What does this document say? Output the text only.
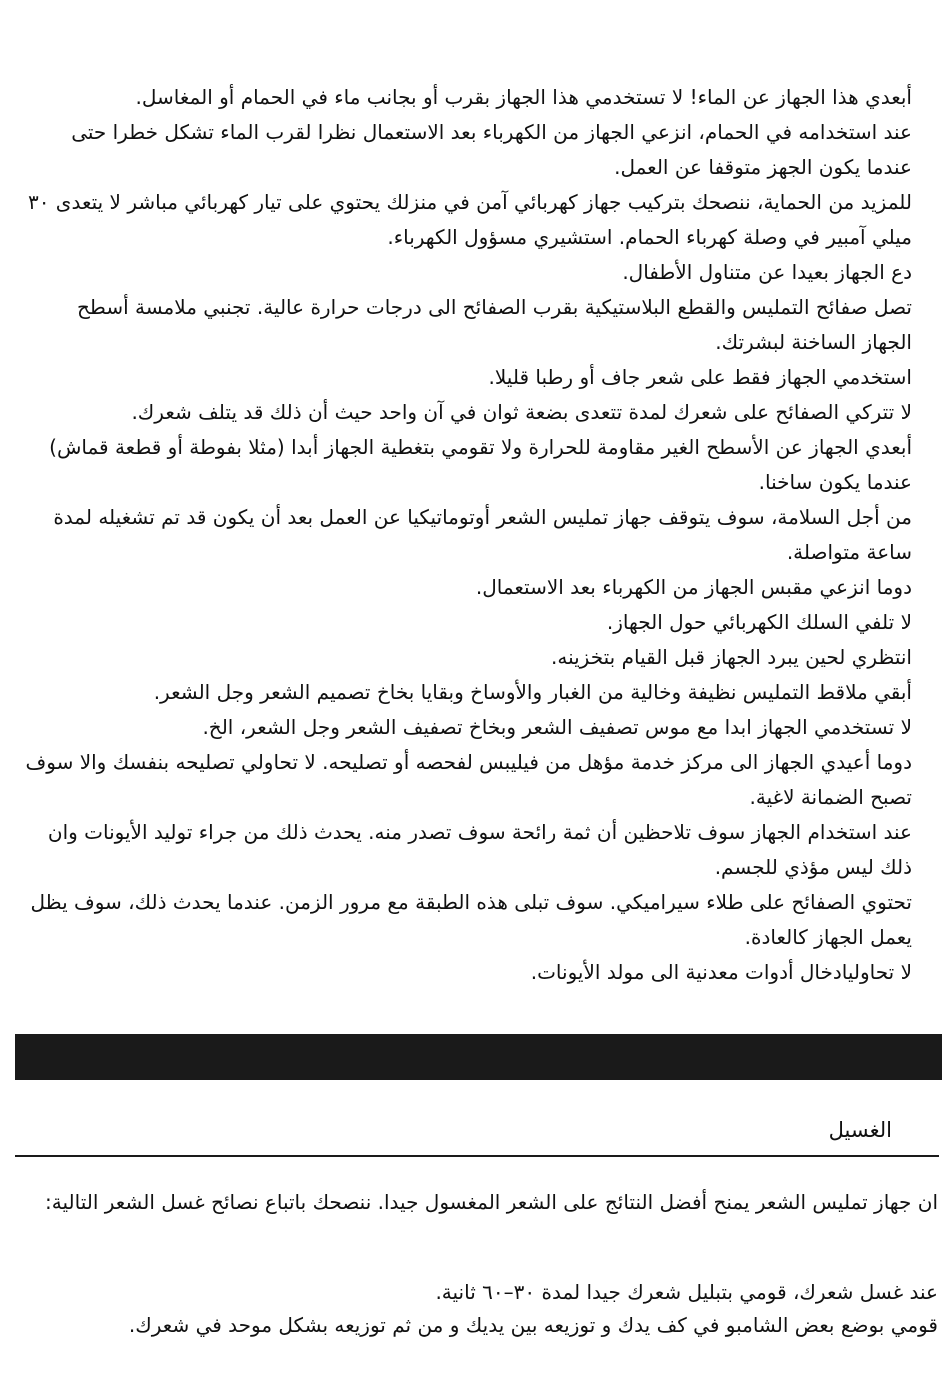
أبعدي هذا الجهاز عن الماء! لا تستخدمي هذا الجهاز بقرب أو بجانب ماء في الحمام أو المغاسل.

عند استخدامه في الحمام، انزعي الجهاز من الكهرباء بعد الاستعمال نظرا لقرب الماء تشكل خطرا حتى عندما يكون الجهز متوقفا عن العمل.

للمزيد من الحماية، ننصحك بتركيب جهاز كهربائي آمن في منزلك يحتوي على تيار كهربائي مباشر لا يتعدى ٣٠ ميلي آمبير في وصلة كهرباء الحمام. استشيري مسؤول الكهرباء.

دع الجهاز بعيدا عن متناول الأطفال.

تصل صفائح التمليس والقطع البلاستيكية بقرب الصفائح الى درجات حرارة عالية. تجنبي ملامسة أسطح الجهاز الساخنة لبشرتك.

استخدمي الجهاز فقط على شعر جاف أو رطبا قليلا.

لا تتركي الصفائح على شعرك لمدة تتعدى بضعة ثوان في آن واحد حيث أن ذلك قد يتلف شعرك.

أبعدي الجهاز عن الأسطح الغير مقاومة للحرارة ولا تقومي بتغطية الجهاز أبدا (مثلا بفوطة أو قطعة قماش) عندما يكون ساخنا.

من أجل السلامة، سوف يتوقف جهاز تمليس الشعر أوتوماتيكيا عن العمل بعد أن يكون قد تم تشغيله لمدة ساعة متواصلة.

دوما انزعي مقبس الجهاز من الكهرباء بعد الاستعمال.

لا تلفي السلك الكهربائي حول الجهاز.

انتظري لحين يبرد الجهاز قبل القيام بتخزينه.

أبقي ملاقط التمليس نظيفة وخالية من الغبار والأوساخ وبقايا بخاخ تصميم الشعر وجل الشعر.

لا تستخدمي الجهاز ابدا مع موس تصفيف الشعر وبخاخ تصفيف الشعر وجل الشعر، الخ.

دوما أعيدي الجهاز الى مركز خدمة مؤهل من فيليبس لفحصه أو تصليحه. لا تحاولي تصليحه بنفسك والا سوف تصبح الضمانة لاغية.

عند استخدام الجهاز سوف تلاحظين أن ثمة رائحة سوف تصدر منه. يحدث ذلك من جراء توليد الأيونات وان ذلك ليس مؤذي للجسم.

تحتوي الصفائح على طلاء سيراميكي. سوف تبلى هذه الطبقة مع مرور الزمن. عندما يحدث ذلك، سوف يظل يعمل الجهاز كالعادة.

لا تحاوليادخال أدوات معدنية الى مولد الأيونات.

الغسيل

ان جهاز تمليس الشعر يمنح أفضل النتائج على الشعر المغسول جيدا. ننصحك باتباع نصائح غسل الشعر التالية:

عند غسل شعرك، قومي بتبليل شعرك جيدا لمدة ٣٠–٦٠ ثانية.

قومي بوضع بعض الشامبو في كف يدك و توزيعه بين يديك و من ثم توزيعه بشكل موحد في شعرك.
